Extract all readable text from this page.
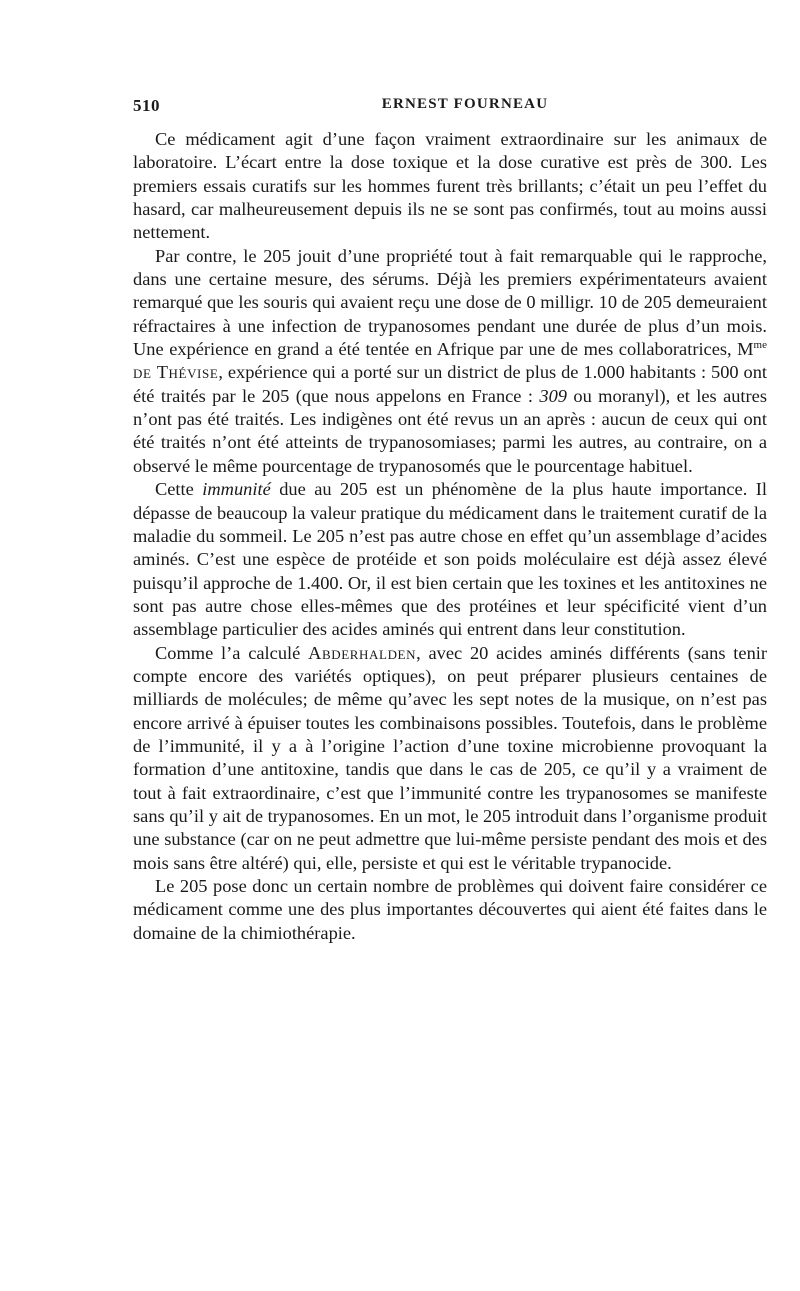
510	ERNEST FOURNEAU

Ce médicament agit d’une façon vraiment extraordinaire sur les animaux de laboratoire. L’écart entre la dose toxique et la dose curative est près de 300. Les premiers essais curatifs sur les hommes furent très brillants; c’était un peu l’effet du hasard, car malheureusement depuis ils ne se sont pas confirmés, tout au moins aussi nettement.

Par contre, le 205 jouit d’une propriété tout à fait remarquable qui le rapproche, dans une certaine mesure, des sérums. Déjà les premiers expérimentateurs avaient remarqué que les souris qui avaient reçu une dose de 0 milligr. 10 de 205 demeuraient réfractaires à une infection de trypanosomes pendant une durée de plus d’un mois. Une expérience en grand a été tentée en Afrique par une de mes collaboratrices, $M^{me}$ de Thévise, expérience qui a porté sur un district de plus de 1.000 habitants : 500 ont été traités par le 205 (que nous appelons en France : 309 ou moranyl), et les autres n’ont pas été traités. Les indigènes ont été revus un an après : aucun de ceux qui ont été traités n’ont été atteints de trypanosomiases; parmi les autres, au contraire, on a observé le même pourcentage de trypanosomés que le pourcentage habituel.

Cette immunité due au 205 est un phénomène de la plus haute importance. Il dépasse de beaucoup la valeur pratique du médicament dans le traitement curatif de la maladie du sommeil. Le 205 n’est pas autre chose en effet qu’un assemblage d’acides aminés. C’est une espèce de protéide et son poids moléculaire est déjà assez élevé puisqu’il approche de 1.400. Or, il est bien certain que les toxines et les antitoxines ne sont pas autre chose elles-mêmes que des protéines et leur spécificité vient d’un assemblage particulier des acides aminés qui entrent dans leur constitution.

Comme l’a calculé Abderhalden, avec 20 acides aminés différents (sans tenir compte encore des variétés optiques), on peut préparer plusieurs centaines de milliards de molécules; de même qu’avec les sept notes de la musique, on n’est pas encore arrivé à épuiser toutes les combinaisons possibles. Toutefois, dans le problème de l’immunité, il y a à l’origine l’action d’une toxine microbienne provoquant la formation d’une antitoxine, tandis que dans le cas de 205, ce qu’il y a vraiment de tout à fait extraordinaire, c’est que l’immunité contre les trypanosomes se manifeste sans qu’il y ait de trypanosomes. En un mot, le 205 introduit dans l’organisme produit une substance (car on ne peut admettre que lui-même persiste pendant des mois et des mois sans être altéré) qui, elle, persiste et qui est le véritable trypanocide.

Le 205 pose donc un certain nombre de problèmes qui doivent faire considérer ce médicament comme une des plus importantes découvertes qui aient été faites dans le domaine de la chimiothérapie.
